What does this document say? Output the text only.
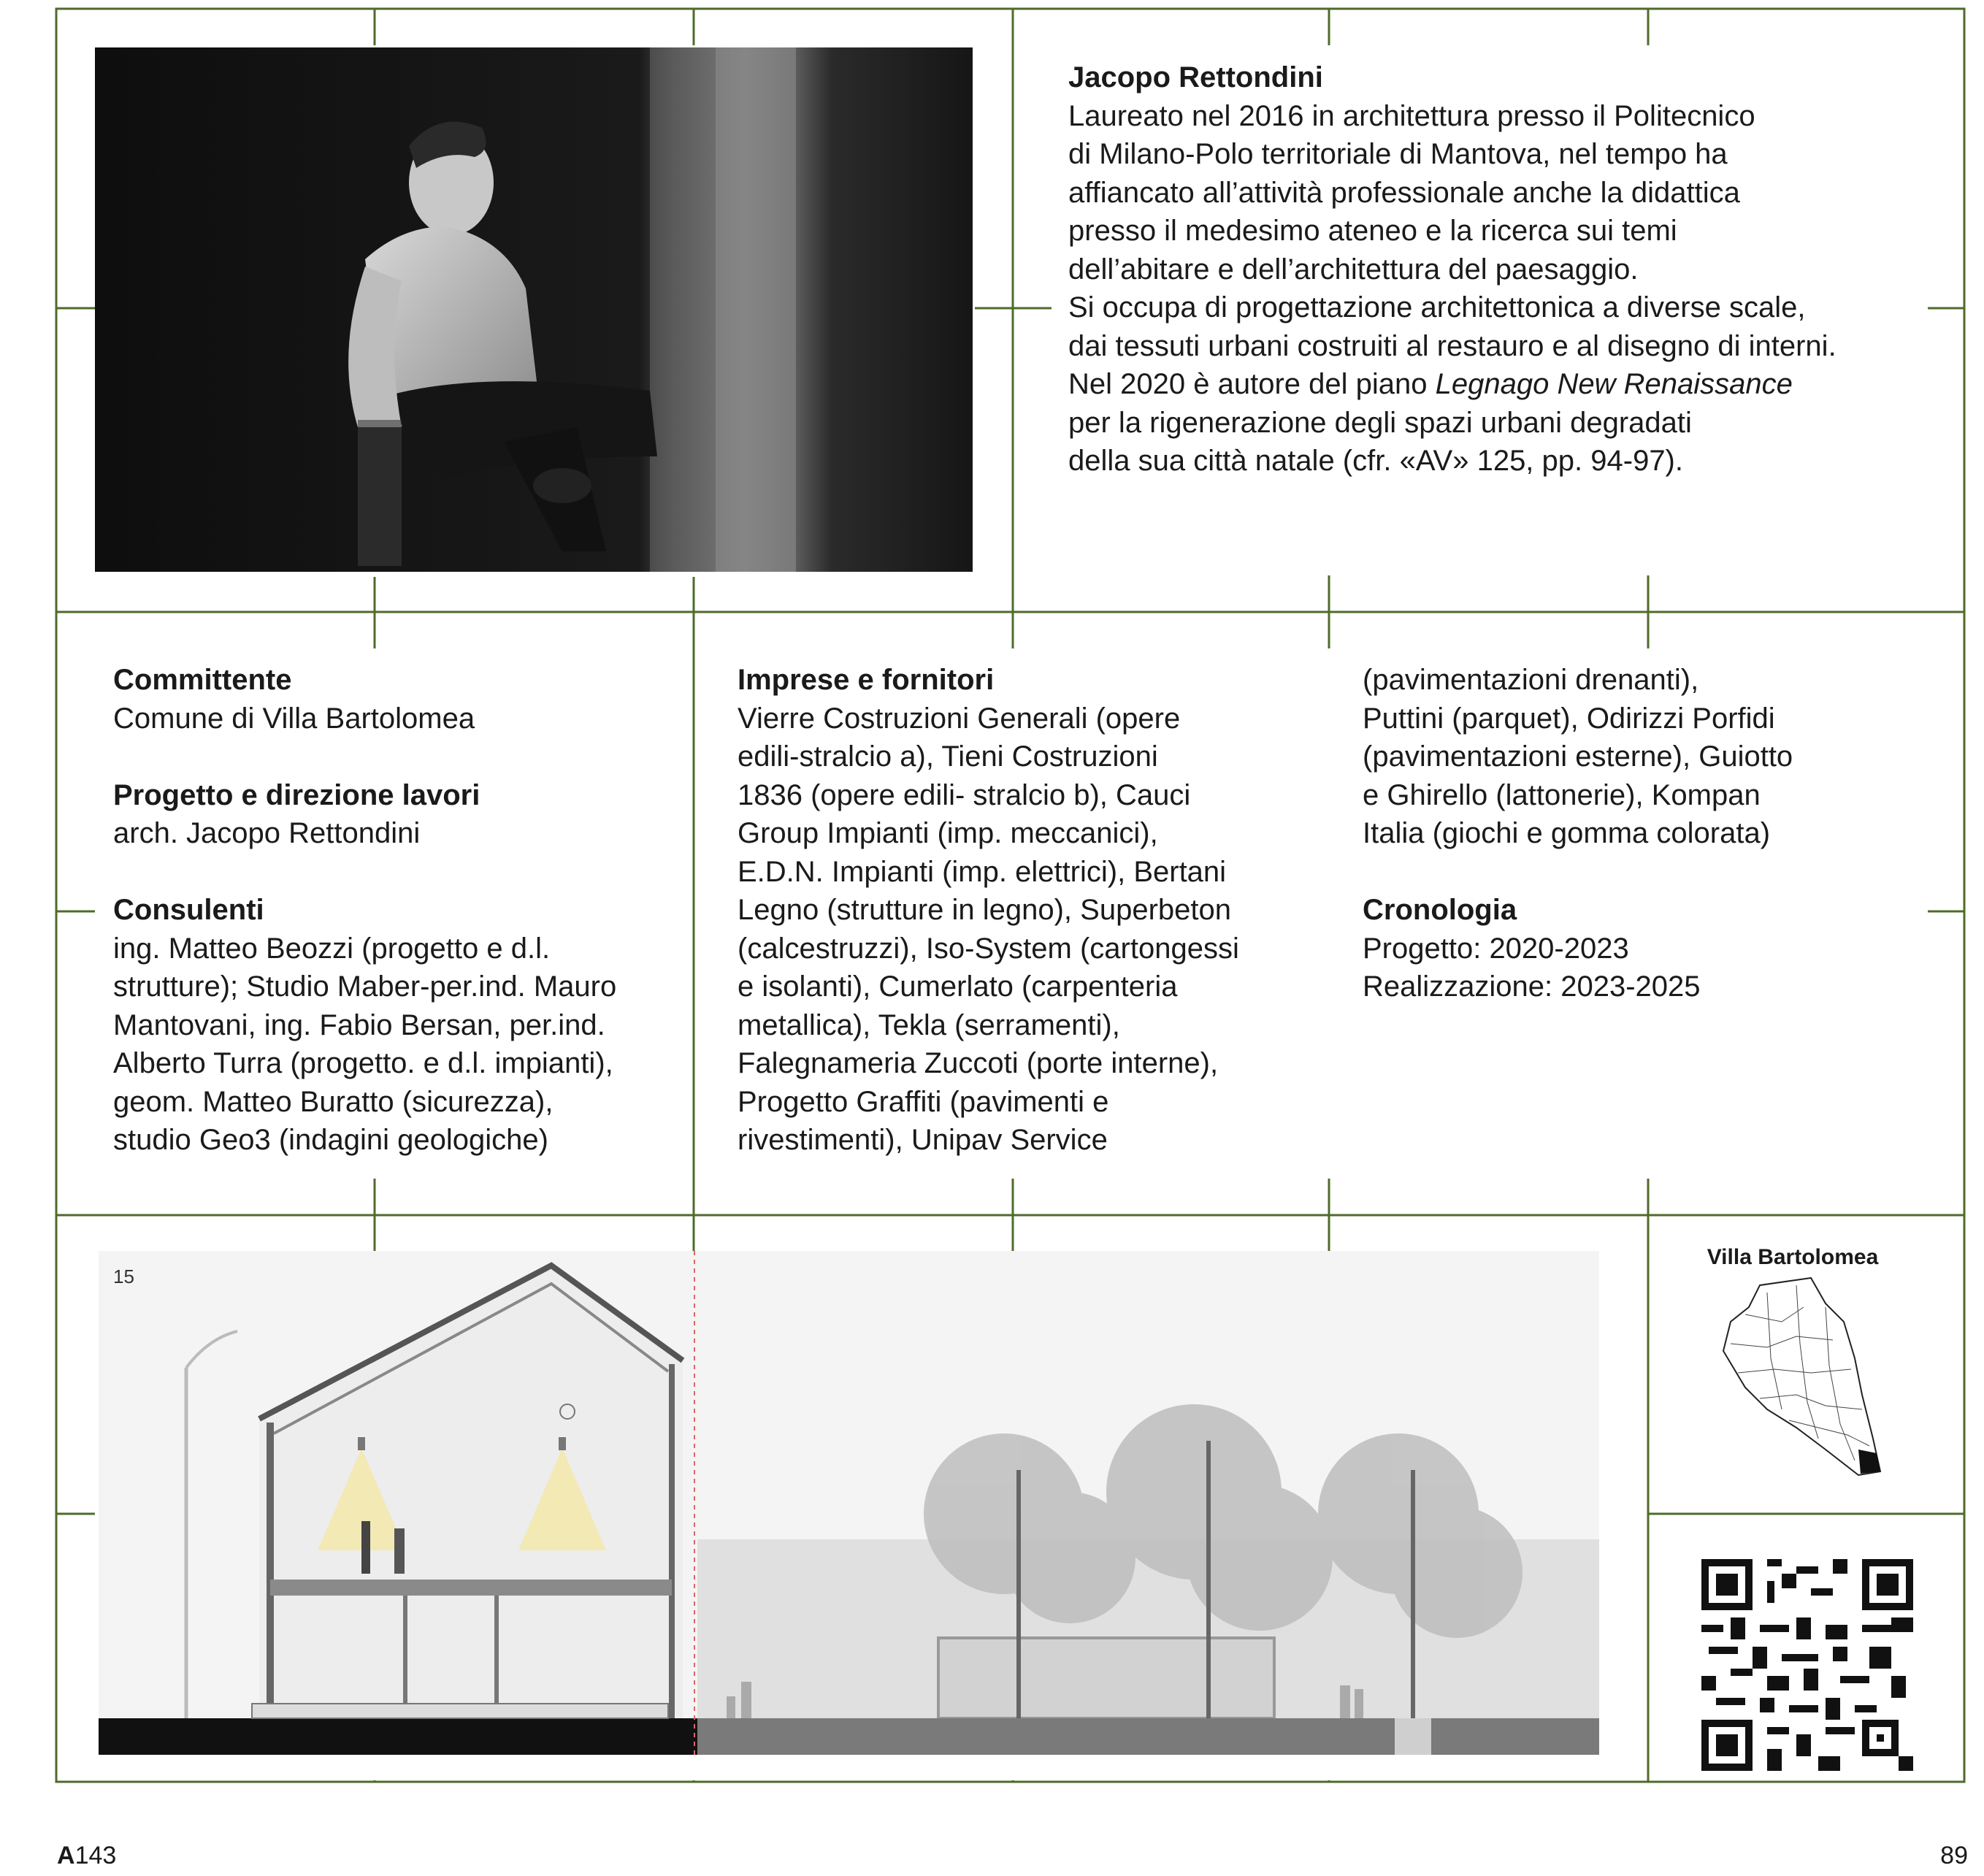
Jacopo Rettondini

Laureato nel 2016 in architettura presso il Politecnico

di Milano-Polo territoriale di Mantova, nel tempo ha

affiancato all’attività professionale anche la didattica

presso il medesimo ateneo e la ricerca sui temi

dell’abitare e dell’architettura del paesaggio.

Si occupa di progettazione architettonica a diverse scale,

dai tessuti urbani costruiti al restauro e al disegno di interni.

Nel 2020 è autore del piano Legnago New Renaissance

per la rigenerazione degli spazi urbani degradati

della sua città natale (cfr. «AV» 125, pp. 94-97).

Committente

Comune di Villa Bartolomea

Progetto e direzione lavori

arch. Jacopo Rettondini

Consulenti

ing. Matteo Beozzi (progetto e d.l.

strutture); Studio Maber-per.ind. Mauro

Mantovani, ing. Fabio Bersan, per.ind.

Alberto Turra (progetto. e d.l. impianti),

geom. Matteo Buratto (sicurezza),

studio Geo3 (indagini geologiche)

Imprese e fornitori

Vierre Costruzioni Generali (opere

edili-stralcio a), Tieni Costruzioni

1836 (opere edili- stralcio b), Cauci

Group Impianti (imp. meccanici),

E.D.N. Impianti (imp. elettrici), Bertani

Legno (strutture in legno), Superbeton

(calcestruzzi), Iso-System (cartongessi

e isolanti), Cumerlato (carpenteria

metallica), Tekla (serramenti),

Falegnameria Zuccoti (porte interne),

Progetto Graffiti (pavimenti e

rivestimenti), Unipav Service

(pavimentazioni drenanti),

Puttini (parquet), Odirizzi Porfidi

(pavimentazioni esterne), Guiotto

e Ghirello (lattonerie), Kompan

Italia (giochi e gomma colorata)

Cronologia

Progetto: 2020-2023

Realizzazione: 2023-2025

15
Villa Bartolomea
A143	89
